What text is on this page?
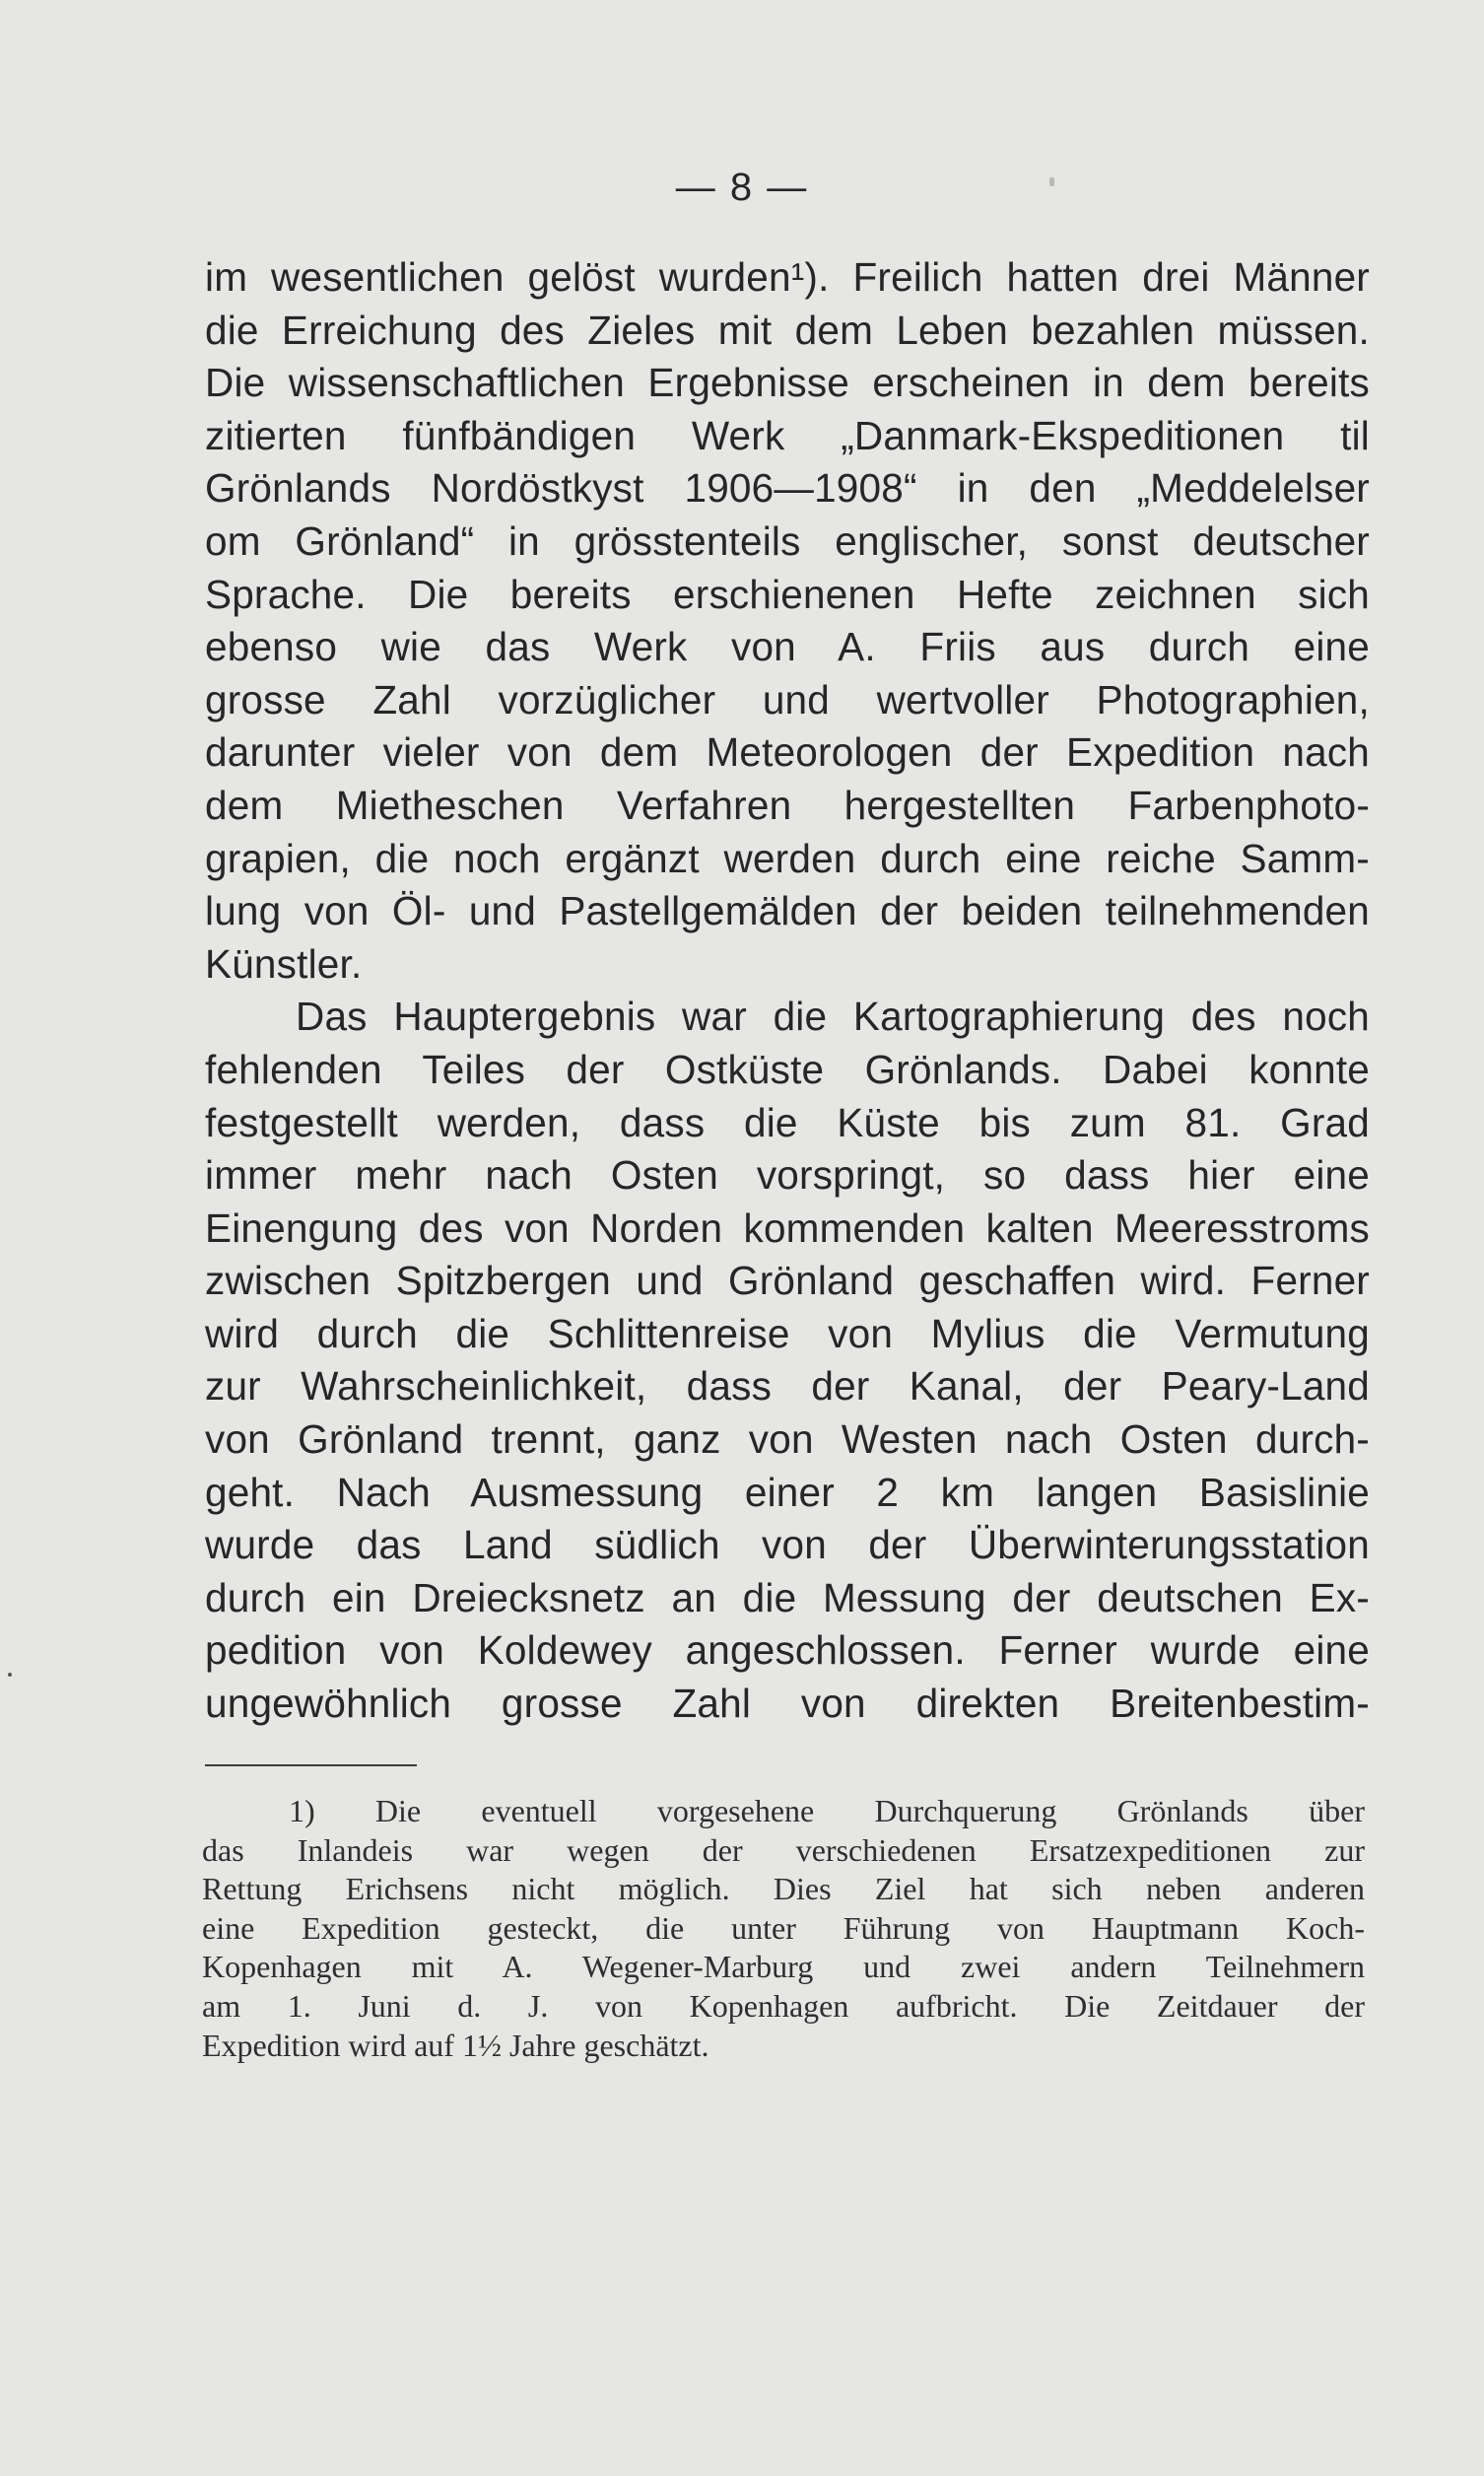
— 8 —
im wesentlichen gelöst wurden¹). Freilich hatten drei Männer
die Erreichung des Zieles mit dem Leben bezahlen müssen.
Die wissenschaftlichen Ergebnisse erscheinen in dem bereits
zitierten fünfbändigen Werk „Danmark-Ekspeditionen til
Grönlands Nordöstkyst 1906—1908“ in den „Meddelelser
om Grönland“ in grösstenteils englischer, sonst deutscher
Sprache. Die bereits erschienenen Hefte zeichnen sich
ebenso wie das Werk von A. Friis aus durch eine
grosse Zahl vorzüglicher und wertvoller Photographien,
darunter vieler von dem Meteorologen der Expedition nach
dem Mietheschen Verfahren hergestellten Farbenphoto-
grapien, die noch ergänzt werden durch eine reiche Samm-
lung von Öl- und Pastellgemälden der beiden teilnehmenden
Künstler.
Das Hauptergebnis war die Kartographierung des noch
fehlenden Teiles der Ostküste Grönlands. Dabei konnte
festgestellt werden, dass die Küste bis zum 81. Grad
immer mehr nach Osten vorspringt, so dass hier eine
Einengung des von Norden kommenden kalten Meeresstroms
zwischen Spitzbergen und Grönland geschaffen wird. Ferner
wird durch die Schlittenreise von Mylius die Vermutung
zur Wahrscheinlichkeit, dass der Kanal, der Peary-Land
von Grönland trennt, ganz von Westen nach Osten durch-
geht. Nach Ausmessung einer 2 km langen Basislinie
wurde das Land südlich von der Überwinterungsstation
durch ein Dreiecksnetz an die Messung der deutschen Ex-
pedition von Koldewey angeschlossen. Ferner wurde eine
ungewöhnlich grosse Zahl von direkten Breitenbestim-
1) Die eventuell vorgesehene Durchquerung Grönlands über
das Inlandeis war wegen der verschiedenen Ersatzexpeditionen zur
Rettung Erichsens nicht möglich. Dies Ziel hat sich neben anderen
eine Expedition gesteckt, die unter Führung von Hauptmann Koch-
Kopenhagen mit A. Wegener-Marburg und zwei andern Teilnehmern
am 1. Juni d. J. von Kopenhagen aufbricht. Die Zeitdauer der
Expedition wird auf 1½ Jahre geschätzt.
